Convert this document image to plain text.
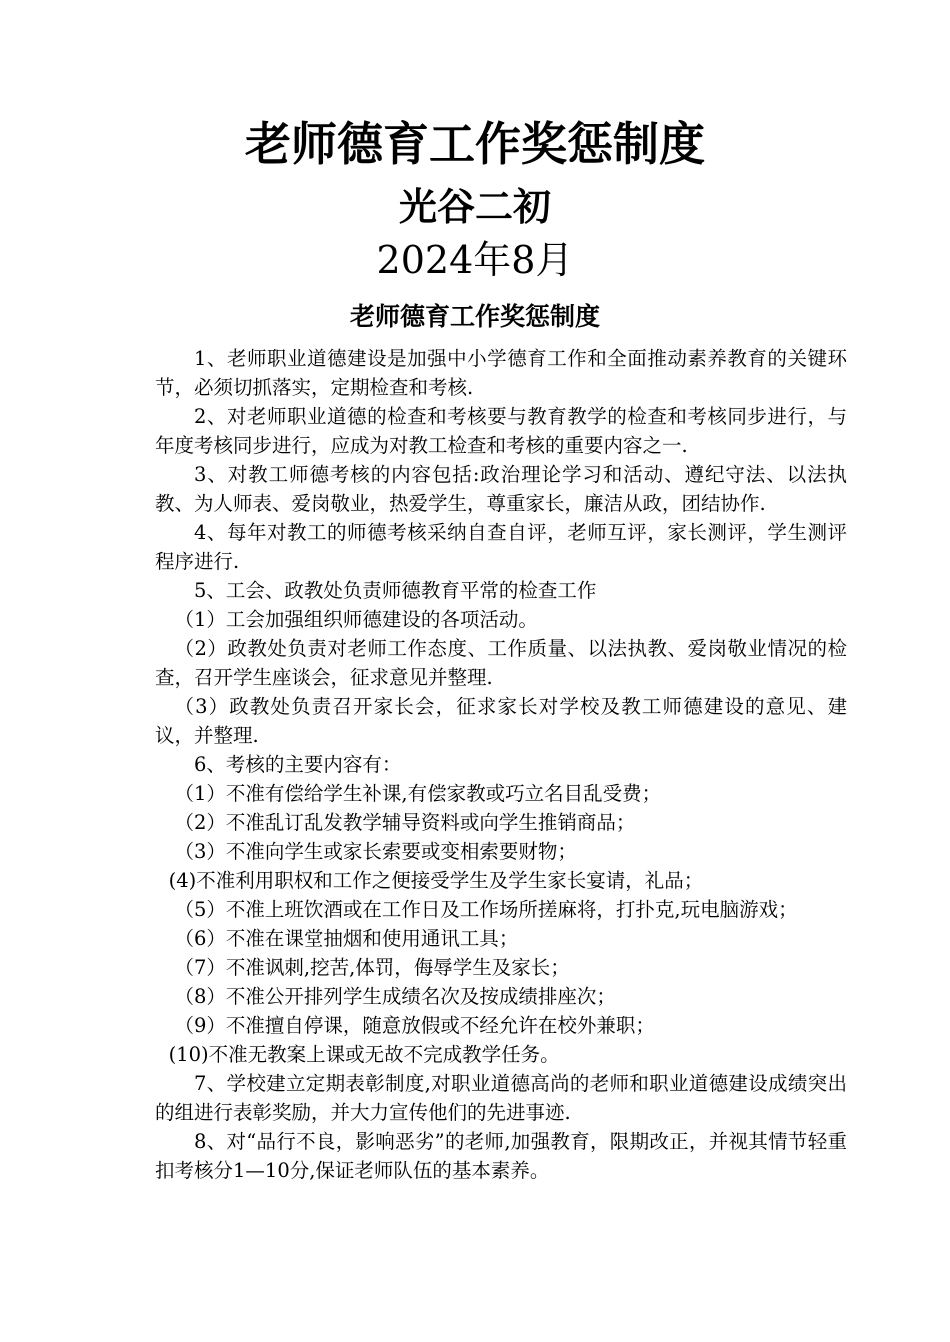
老师德育工作奖惩制度
光谷二初
2024年8月
老师德育工作奖惩制度

1、老师职业道德建设是加强中小学德育工作和全面推动素养教育的关键环节，必须切抓落实，定期检查和考核.

2、对老师职业道德的检查和考核要与教育教学的检查和考核同步进行，与年度考核同步进行，应成为对教工检查和考核的重要内容之一.

3、对教工师德考核的内容包括:政治理论学习和活动、遵纪守法、以法执教、为人师表、爱岗敬业，热爱学生，尊重家长，廉洁从政，团结协作.

4、每年对教工的师德考核采纳自查自评，老师互评，家长测评，学生测评程序进行.

5、工会、政教处负责师德教育平常的检查工作

（1）工会加强组织师德建设的各项活动。

（2）政教处负责对老师工作态度、工作质量、以法执教、爱岗敬业情况的检查，召开学生座谈会，征求意见并整理.

（3）政教处负责召开家长会，征求家长对学校及教工师德建设的意见、建议，并整理.

6、考核的主要内容有：

（1）不准有偿给学生补课,有偿家教或巧立名目乱受费；

（2）不准乱订乱发教学辅导资料或向学生推销商品；

（3）不准向学生或家长索要或变相索要财物；

(4)不准利用职权和工作之便接受学生及学生家长宴请，礼品；

（5）不准上班饮酒或在工作日及工作场所搓麻将，打扑克,玩电脑游戏；

（6）不准在课堂抽烟和使用通讯工具；

（7）不准讽刺,挖苦,体罚，侮辱学生及家长；

（8）不准公开排列学生成绩名次及按成绩排座次；

（9）不准擅自停课，随意放假或不经允许在校外兼职；

(10)不准无教案上课或无故不完成教学任务。

7、学校建立定期表彰制度,对职业道德高尚的老师和职业道德建设成绩突出的组进行表彰奖励，并大力宣传他们的先进事迹.

8、对“品行不良，影响恶劣”的老师,加强教育，限期改正，并视其情节轻重扣考核分1—10分,保证老师队伍的基本素养。
